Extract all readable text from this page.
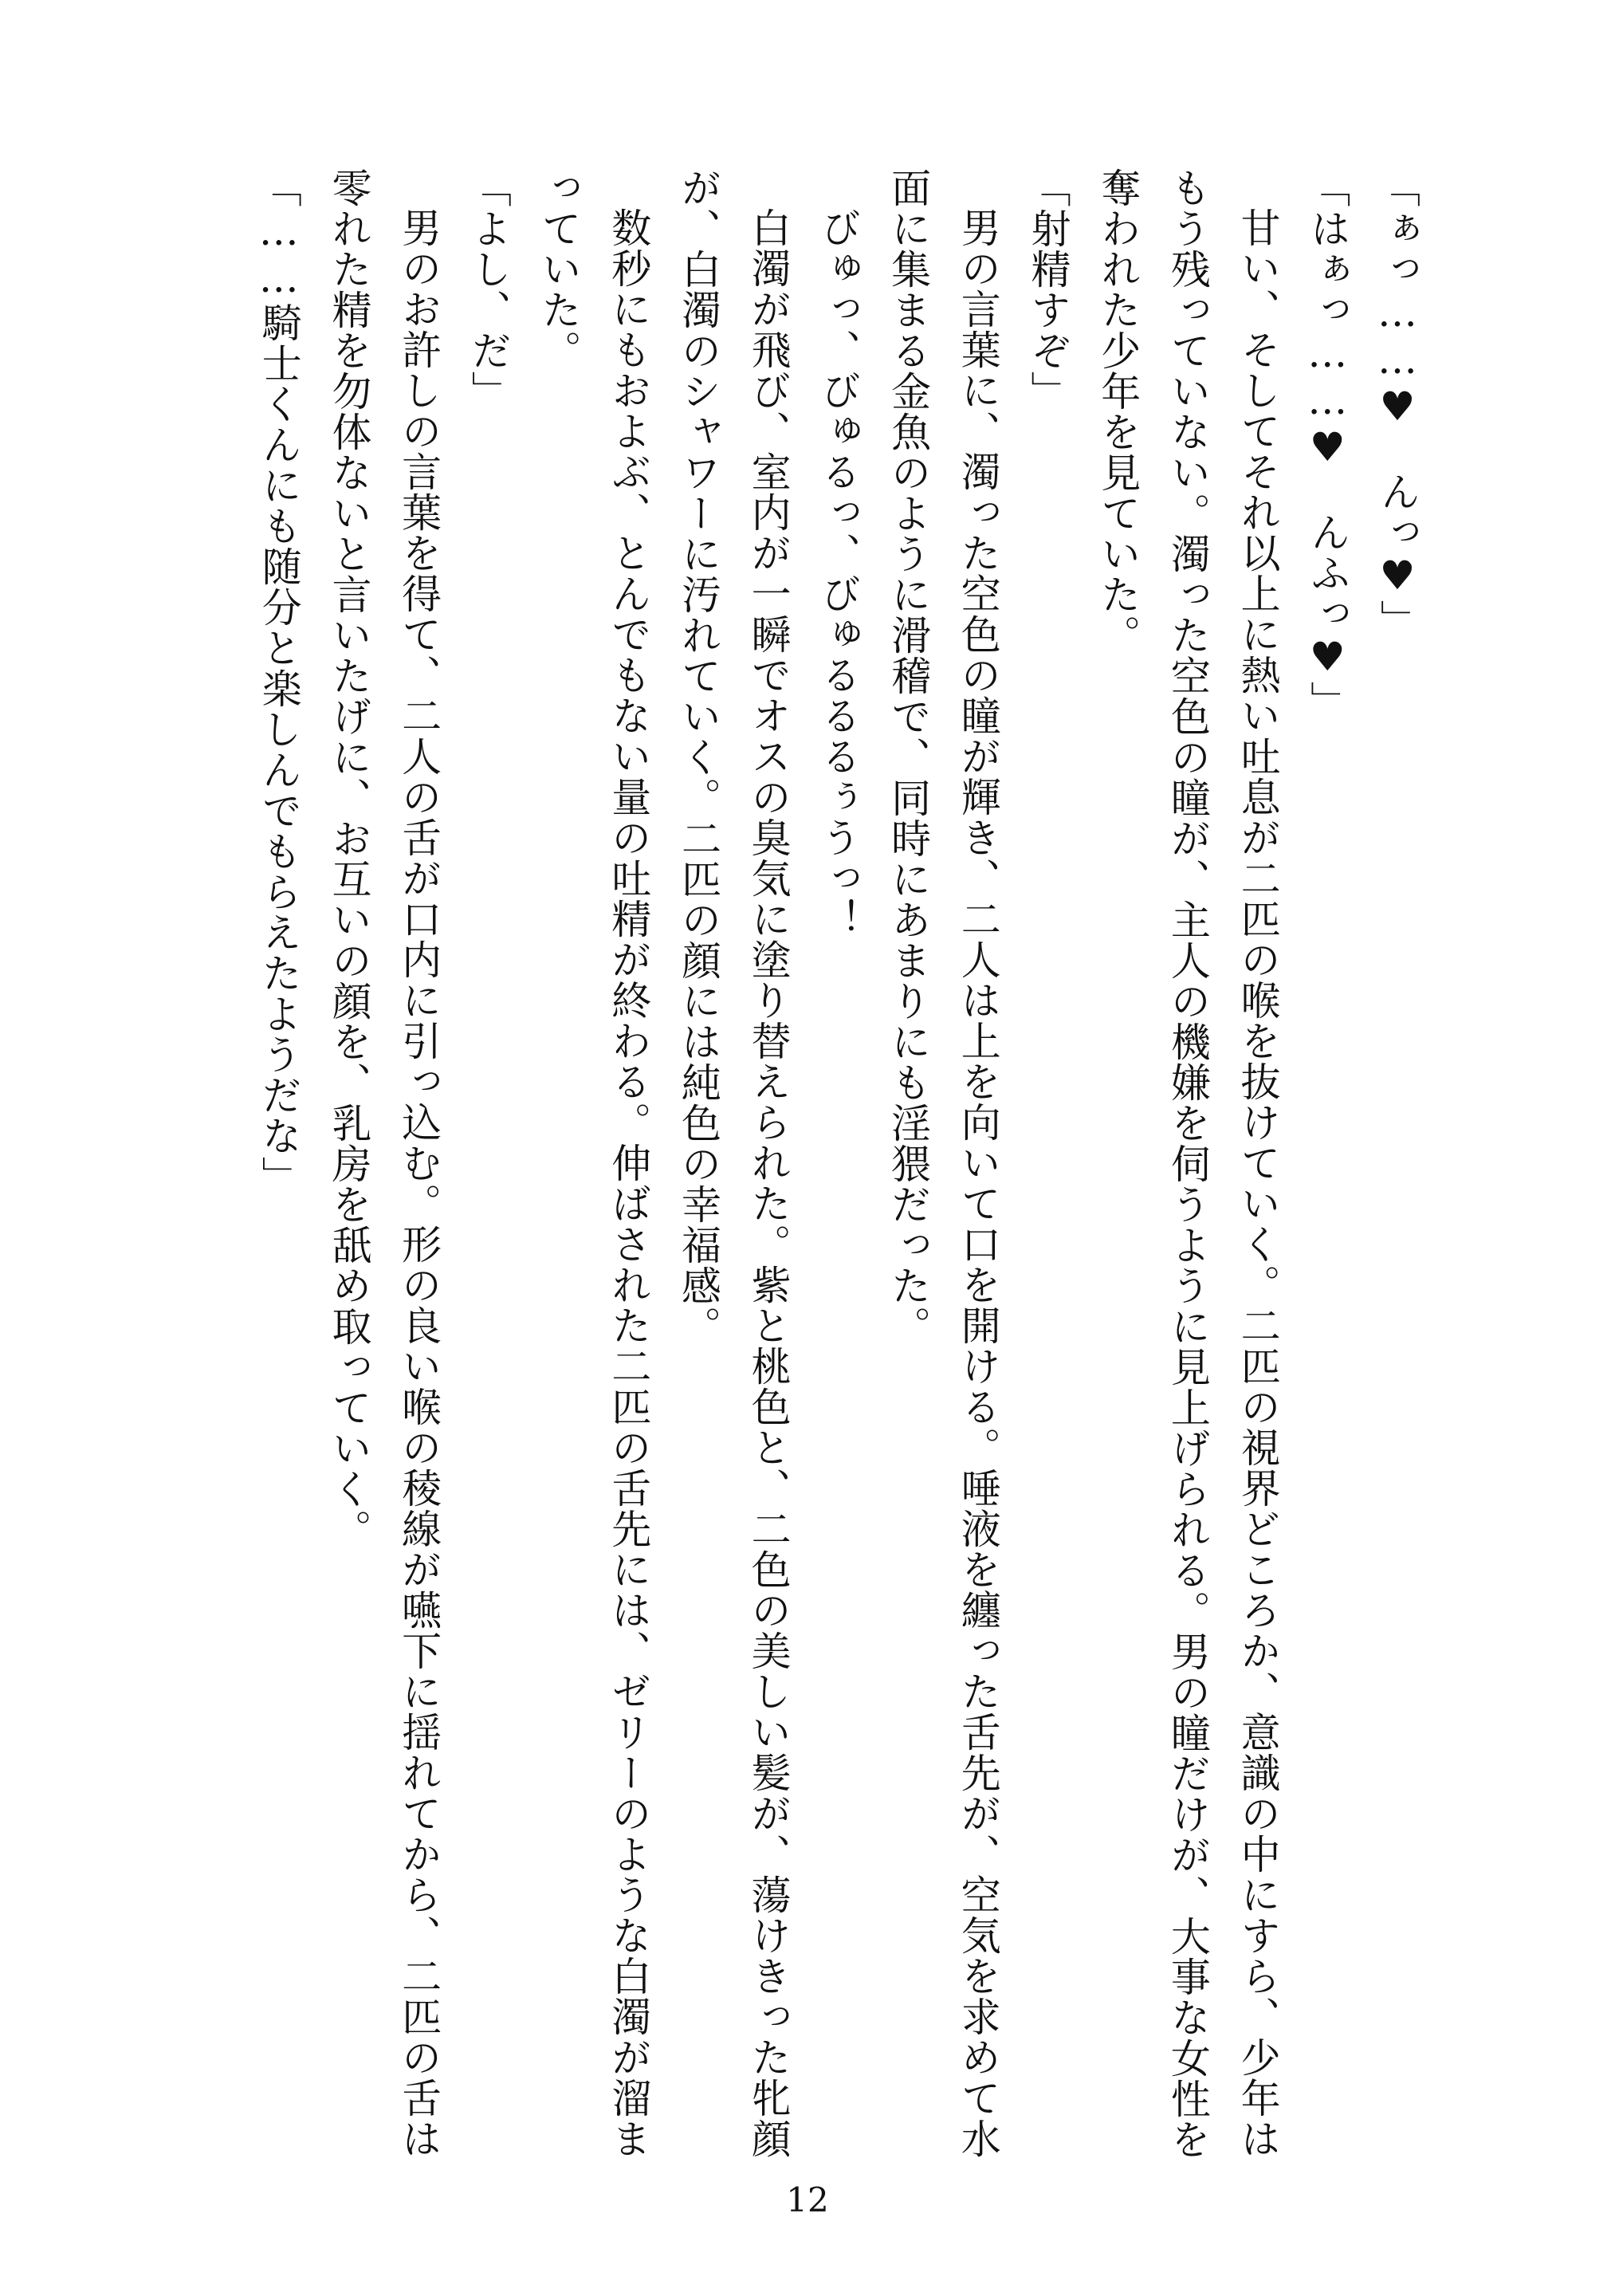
「ぁっ……♥　んっ♥」

「はぁっ……♥　んふっ♥」

甘い、そしてそれ以上に熱い吐息が二匹の喉を抜けていく。二匹の視界どころか、意識の中にすら、少年はもう残っていない。濁った空色の瞳が、主人の機嫌を伺うように見上げられる。男の瞳だけが、大事な女性を奪われた少年を見ていた。

「射精すぞ」

男の言葉に、濁った空色の瞳が輝き、二人は上を向いて口を開ける。唾液を纏った舌先が、空気を求めて水面に集まる金魚のように滑稽で、同時にあまりにも淫猥だった。

びゅっ、びゅるっ、びゅるるるぅうっ！

白濁が飛び、室内が一瞬でオスの臭気に塗り替えられた。紫と桃色と、二色の美しい髪が、蕩けきった牝顔が、白濁のシャワーに汚れていく。二匹の顔には純色の幸福感。

数秒にもおよぶ、とんでもない量の吐精が終わる。伸ばされた二匹の舌先には、ゼリーのような白濁が溜まっていた。

「よし、だ」

男のお許しの言葉を得て、二人の舌が口内に引っ込む。形の良い喉の稜線が嚥下に揺れてから、二匹の舌は零れた精を勿体ないと言いたげに、お互いの顔を、乳房を舐め取っていく。

「……騎士くんにも随分と楽しんでもらえたようだな」

12
